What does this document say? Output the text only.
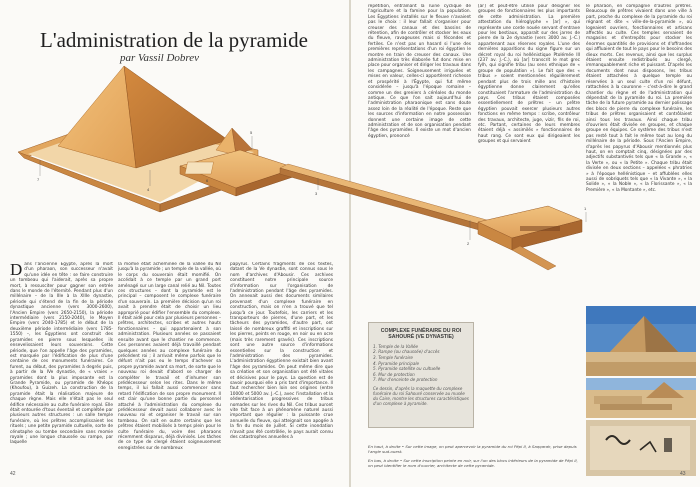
L'administration de la pyramide
par Vassil Dobrev
7
4
5
3
2
1
6

Dans l'ancienne Égypte, après la mort d'un pharaon, son successeur n'avait qu'une idée en tête : se faire construire un tombeau qui l'aiderait, après sa propre mort, à ressusciter pour gagner son entrée dans le monde de l'éternité. Pendant plus d'un millénaire – de la IIIe à la XIIIe dynastie, période qui s'étend de la fin de la période dynastique ancienne (vers 3000-2600), l'Ancien Empire (vers 2650-2150), la période intermédiaire (vers 2150-2040), le Moyen Empire (vers 2040-1785) et le début de la deuxième période intermédiaire (vers 1785-1550) –, les Égyptiens ont construit des pyramides en pierre sous lesquelles ils ensevelissaient leurs souverains. Cette période, que l'on appelle l'âge des pyramides, est marquée par l'édification de plus d'une centaine de ces monuments funéraires. Ce furent, au début, des pyramides à degrés puis, à partir de la IVe dynastie, de « vraies » pyramides dont la plus imposante est la Grande Pyramide, ou pyramide de Khéops (Khoufou), à Guizeh. La construction de la pyramide était la réalisation majeure de chaque règne. Mais elle n'était pas le seul édifice nécessaire au culte funéraire royal. Elle était entourée d'tous éventail et complétée par plusieurs autres structures : un salle temple funéraire, où les prêtres accomplissaient les rituels ; une petite pyramide cultuelle, sorte de cénotaphe ou tombe secondaire sans momie royale ; une longue chaussée ou rampe, par laquelle

la momie était acheminée de la vallée du Nil jusqu'à la pyramide ; un temple de la vallée, où le corps du souverain était momifié. On accédait à ce temple par un grand port aménagé sur un large canal relié au Nil. Toutes ces structures – dont la pyramide est le principal – composent le complexe funéraire d'un souverain. La première décision qu'un roi avait à prendre était de choisir un lieu approprié pour édifier l'ensemble du complexe. Il était aidé pour cela par plusieurs personnes – prêtres, architectes, scribes et autres hauts fonctionnaires – qui appartenaient à son administration. Plusieurs années se passaient ensuite avant que le chantier ne commence. Ces personnes avaient déjà travaillé pendant quelques années au complexe funéraire du précédent roi ; il arrivait même parfois que le défunt n'ait pas eu le temps d'achever sa propre pyramide avant sa mort, de sorte que le nouveau roi devait d'abord se charger de compléter le travail et d'inhumer son prédécesseur selon les rites. Dans le même temps, il lui fallait aussi commencer sans retard l'édification de son propre monument. Il est clair qu'une bonne partie du personnel attaché à l'administration du complexe du prédécesseur devait aussi collaborer avec le nouveau roi et organiser le travail sur son tombeau. On sait en outre certains que les prêtres étaient mobilisés à temps plein pour le culte funéraire du, voire des pharaons récemment disparus, déjà divinisés. Les tâches de ce type de clergé étaient soigneusement enregistrées sur de nombreux

papyrus. Certains fragments de ces textes, datant de la Ve dynastie, sont connus sous le nom d'archives d'Abousir. Ces archives constituent notre principale source d'information sur l'organisation de l'administration pendant l'âge des pyramides. On annexait aussi des documents similaires provenant d'un complexe funéraire en construction, mais on n'en a trouvé que tel jusqu'à ce jour. Toutefois, les carriers et les transporteurs de pierres, d'une part, et les tâcheurs des pyramides, d'autre part, ont laissé de nombreux graffiti et inscriptions sur les pierres, peints en rouge, en noir ou en ocre (mais très rarement gravés). Ces inscriptions sont une autre source d'informations essentielles sur la construction et l'administration des pyramides. L'administration égyptienne existait bien avant l'âge des pyramides. On peut même dire que sa création et son organisation ont été vitales et décisives pour le pays. La question est de savoir pourquoi elle a pris tant d'importance. Il faut rechercher bien loin ses origines (entre 10000 et 5000 av. J.-C.), avec l'installation et la sédentarisation progressives de tribus nomades sur les rives du Nil. Ces tribus auront vite fait face à un phénomène naturel aussi important que régulier : la puissante crue annuelle du fleuve, qui atteignait son apogée à la fin du mois de juillet. Si cette inondation n'avait pas été contrôlée, le pays aurait connu des catastrophes annuelles à

répétition, entraînant la ruine cyclique de l'agriculture et la famine pour la population. Les Égyptiens installés sur le fleuve n'avaient pas le choix : il leur fallait s'organiser pour creuser des canaux et des bassins de rétention, afin de contrôler et stocker les eaux du fleuve, ravageuses mais si fécondes et fertiles. Ce n'est pas un hasard si l'une des premières représentations d'un roi égyptien le montre en train de creuser des canaux. Une administration très élaborée fut donc mise en place pour organiser et diriger les travaux dans les campagnes. Soigneusement irriguées et mises en valeur, celles-ci apportèrent richesse et prospérité à l'Égypte, qui fut même considérée – jusqu'à l'époque romaine – comme un des greniers à céréales du monde antique. Ce que l'on sait aujourd'hui de l'administration pharaonique est sans doute assez loin de la réalité de l'époque. Reste que les sources d'information en notre possession donnent une certaine image de cette administration et de son organisation pendant l'âge des pyramides. Il existe un mot d'ancien égyptien, prononcé

[ar] et peut-être utilisé pour désigner les groupes de fonctionnaires les plus importants de cette administration. La première attestation du hiéroglyphe « [ar] », qui représente une corde nouée servant d'entrave pour les bestiaux, apparaît sur des jarres de pierre de la 2e dynastie (vers 3000 av. J.-C.) appartenant aux réserves royales. L'une des dernières apparitions du signe figure sur un décret royal du roi hellénistique Ptolémée III (237 av. J.-C.), où [ar] transcrit le mot grec fylh, qui signifie tribu (au sens ethnique de « groupe de population »). Le fait que des « tribus » soient mentionnées régulièrement pendant plus de trois mille ans d'histoire égyptienne donne clairement qu'elles constituaient l'armature de l'administration du pays. Ces tribus étaient composées essentiellement de prêtres – un prêtre égyptien pouvait exercer plusieurs autres fonctions en même temps : scribe, contrôleur des travaux, architecte, juge, vizir, fils de roi, etc. Partant, certaines de leurs membres étaient déjà « assimilés » fonctionnaires de haut rang. Ce sont eux qui dirigeaient les groupes et qui servaient

le pharaon, en compagnie d'autres prêtres. Beaucoup de prêtres vivaient dans une ville à part, proche du complexe de la pyramide du roi régnant et dite « ville-de-la-pyramide », où logeaient ouvriers, fonctionnaires et artisans affectés au culte. Ces temples servaient de magasins et d'entrepôts pour stocker les énormes quantités de provisions et d'offrandes qui affluaient de tout le pays pour le besoins des dieux morts. Ces revenus, ainsi que les surplus étaient ensuite redistribués au clergé, immanquablement riche et puissant. D'après les documents dont nous disposons, les tribus étaient attachées à quelque temple ou réservées à un seul culte d'un roi défunt, rattachées à la couronne – c'est-à-dire le grand chantier du règne et de l'administration qui dépendait de la pyramide du roi. La première tâche de la future pyramide au dernier polissage des blocs de pierre du complexe funéraire, les tribus de prêtres organisaient et contrôlaient ainsi tous les travaux. Ainsi chaque tribu d'ouvriers était divisée en groupes, et chaque groupe en équipes. Ce système des tribus n'est pas resté tout à fait le même tout au long du millénaire de la période. Sous l'Ancien Empire, d'après les papyrus d'Abousir mentionnés plus haut, on en comptait cinq, désignées par des adjectifs substantivés tels que « la Grande », « la Verte », ou « la Petite ». Chaque tribu était divisée en deux sections – appelées « phratries » à l'époque hellénistique – et affublées elles aussi de sobriquets tels que « la Vivante », « la Solide », « la Noble », « la Florissante », « la Première », « la Montante », etc.

COMPLEXE FUNÉRAIRE DU ROI SAHOURÉ (VE DYNASTIE)
1. Temple de la Vallée
2. Rampe (ou chaussée) d'accès
3. Temple funéraire
4. Pyramide principale
5. Pyramide satellite ou cultuelle
6. Mur de protection
7. Mur d'enceinte de protection
Ce dessin, d'après la maquette du complexe funéraire du roi Sahouré conservée au musée du Caire, montre les structures caractéristiques d'un complexe à pyramide.
En haut, à droite • Sur cette image, on peut apercevoir la pyramide du roi Pépi II, à Saqqarah, prise depuis l'angle sud-ouest.
En bas, à droite • Sur cette inscription peinte en noir, sur l'un des blocs intérieurs de la pyramide de Pépi II, on peut identifier le nom d'ouvrier, architecte de cette pyramide.
42	43
